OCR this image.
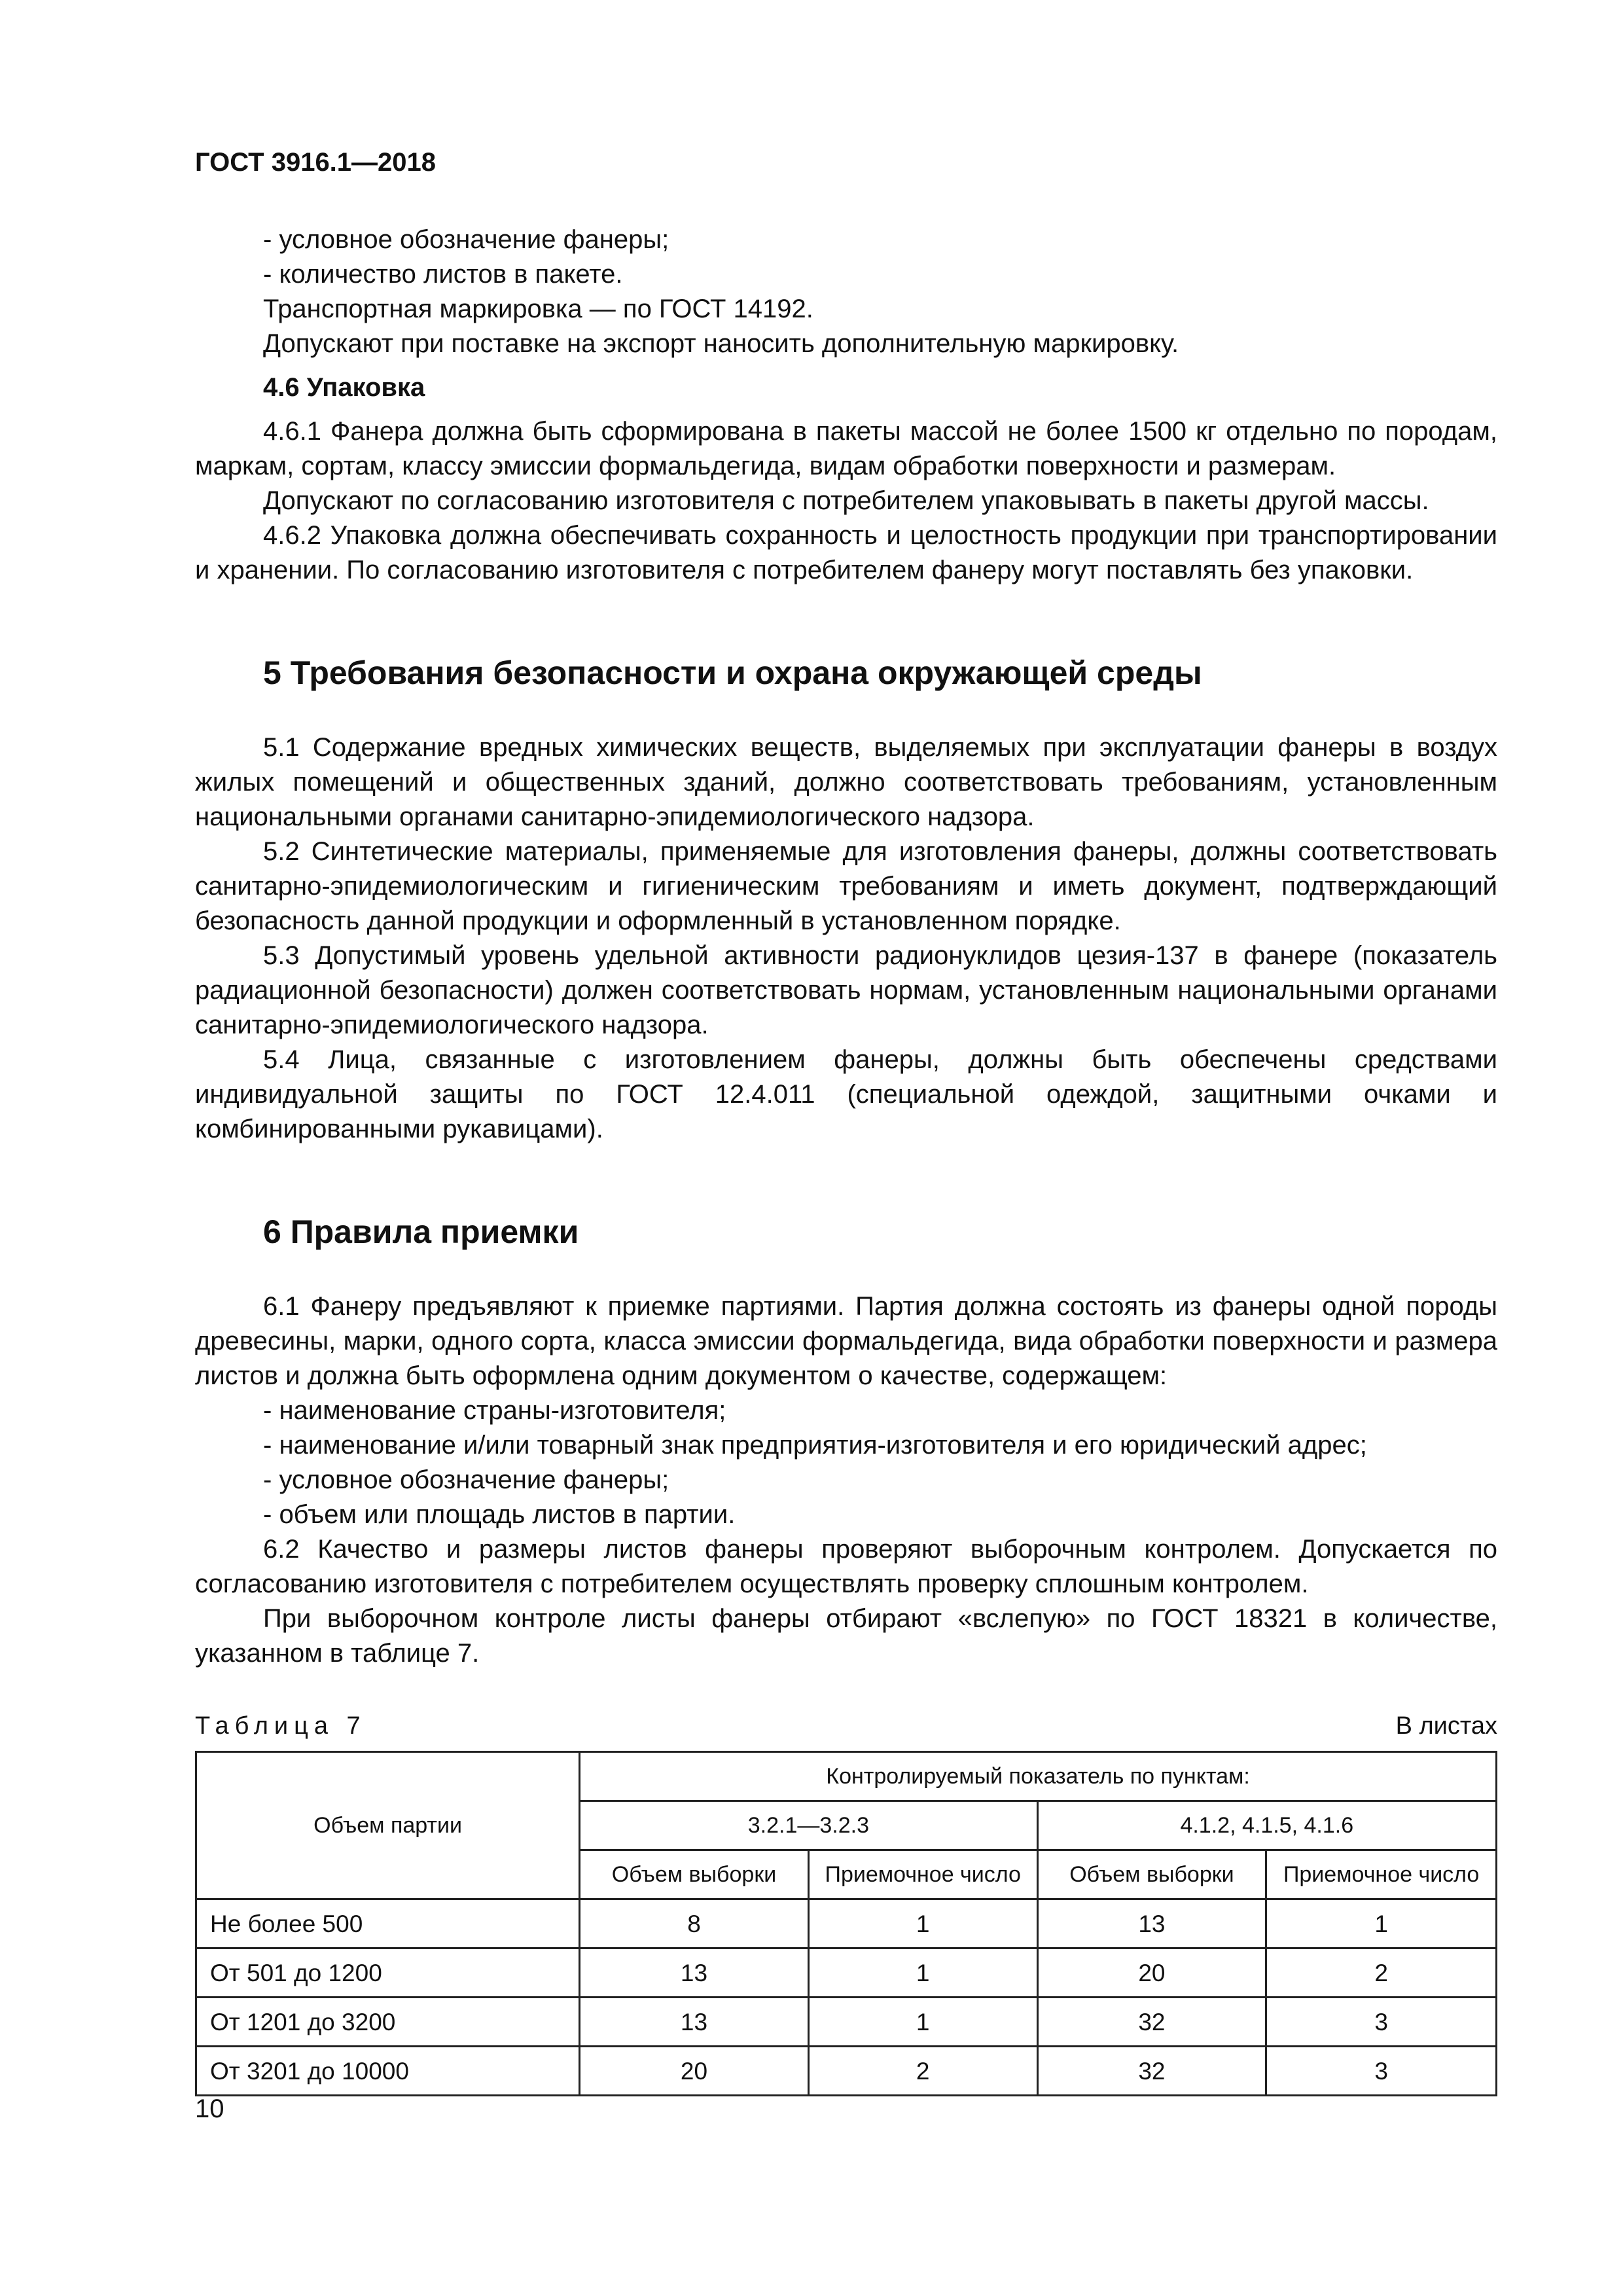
ГОСТ 3916.1—2018

- условное обозначение фанеры;

- количество листов в пакете.

Транспортная маркировка — по ГОСТ 14192.

Допускают при поставке на экспорт наносить дополнительную маркировку.

4.6 Упаковка

4.6.1 Фанера должна быть сформирована в пакеты массой не более 1500 кг отдельно по породам, маркам, сортам, классу эмиссии формальдегида, видам обработки поверхности и размерам.

Допускают по согласованию изготовителя с потребителем упаковывать в пакеты другой массы.

4.6.2 Упаковка должна обеспечивать сохранность и целостность продукции при транспортировании и хранении. По согласованию изготовителя с потребителем фанеру могут поставлять без упаковки.

5 Требования безопасности и охрана окружающей среды

5.1 Содержание вредных химических веществ, выделяемых при эксплуатации фанеры в воздух жилых помещений и общественных зданий, должно соответствовать требованиям, установленным национальными органами санитарно-эпидемиологического надзора.

5.2 Синтетические материалы, применяемые для изготовления фанеры, должны соответствовать санитарно-эпидемиологическим и гигиеническим требованиям и иметь документ, подтверждающий безопасность данной продукции и оформленный в установленном порядке.

5.3 Допустимый уровень удельной активности радионуклидов цезия-137 в фанере (показатель радиационной безопасности) должен соответствовать нормам, установленным национальными органами санитарно-эпидемиологического надзора.

5.4 Лица, связанные с изготовлением фанеры, должны быть обеспечены средствами индивидуальной защиты по ГОСТ 12.4.011 (специальной одеждой, защитными очками и комбинированными рукавицами).

6 Правила приемки

6.1 Фанеру предъявляют к приемке партиями. Партия должна состоять из фанеры одной породы древесины, марки, одного сорта, класса эмиссии формальдегида, вида обработки поверхности и размера листов и должна быть оформлена одним документом о качестве, содержащем:

- наименование страны-изготовителя;

- наименование и/или товарный знак предприятия-изготовителя и его юридический адрес;

- условное обозначение фанеры;

- объем или площадь листов в партии.

6.2 Качество и размеры листов фанеры проверяют выборочным контролем. Допускается по согласованию изготовителя с потребителем осуществлять проверку сплошным контролем.

При выборочном контроле листы фанеры отбирают «вслепую» по ГОСТ 18321 в количестве, указанном в таблице 7.

Таблица 7	В листах
Объем партии	Контролируемый показатель по пунктам:			
	3.2.1—3.2.3		4.1.2, 4.1.5, 4.1.6	
	Объем выборки	Приемочное число	Объем выборки	Приемочное число
Не более 500	8	1	13	1
От 501 до 1200	13	1	20	2
От 1201 до 3200	13	1	32	3
От 3201 до 10000	20	2	32	3
10
